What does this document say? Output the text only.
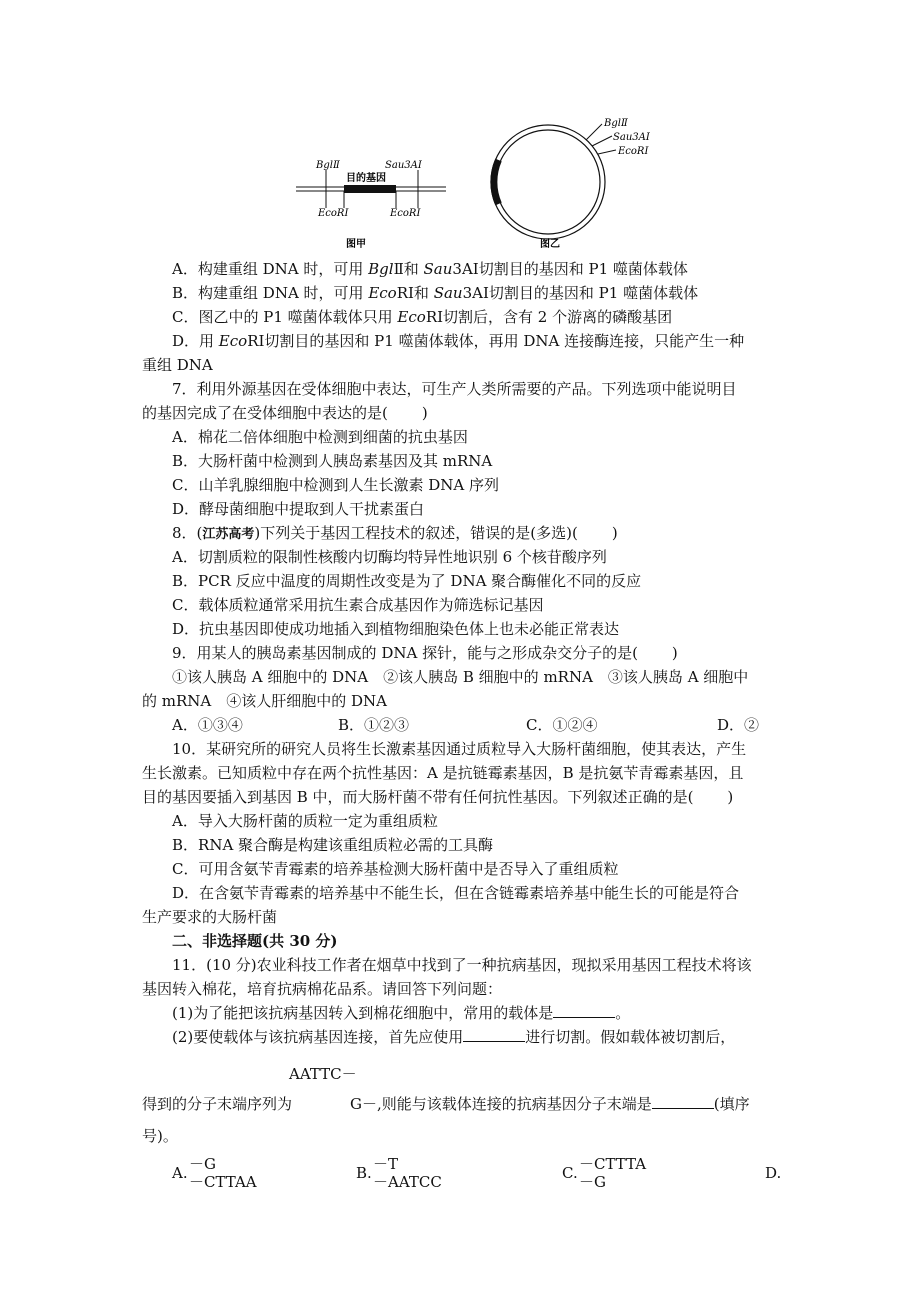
BglⅡ	Sau3AⅠ
目的基因
EcoRⅠ	EcoRⅠ
图甲
BglⅡ
Sau3AⅠ
EcoRⅠ
图乙
A．构建重组 DNA 时，可用 BglⅡ和 Sau3AⅠ切割目的基因和 P1 噬菌体载体
B．构建重组 DNA 时，可用 EcoRⅠ和 Sau3AⅠ切割目的基因和 P1 噬菌体载体
C．图乙中的 P1 噬菌体载体只用 EcoRⅠ切割后，含有 2 个游离的磷酸基团
D．用 EcoRⅠ切割目的基因和 P1 噬菌体载体，再用 DNA 连接酶连接，只能产生一种
重组 DNA
7．利用外源基因在受体细胞中表达，可生产人类所需要的产品。下列选项中能说明目
的基因完成了在受体细胞中表达的是( )
A．棉花二倍体细胞中检测到细菌的抗虫基因
B．大肠杆菌中检测到人胰岛素基因及其 mRNA
C．山羊乳腺细胞中检测到人生长激素 DNA 序列
D．酵母菌细胞中提取到人干扰素蛋白
8．(江苏高考)下列关于基因工程技术的叙述，错误的是(多选)( )
A．切割质粒的限制性核酸内切酶均特异性地识别 6 个核苷酸序列
B．PCR 反应中温度的周期性改变是为了 DNA 聚合酶催化不同的反应
C．载体质粒通常采用抗生素合成基因作为筛选标记基因
D．抗虫基因即使成功地插入到植物细胞染色体上也未必能正常表达
9．用某人的胰岛素基因制成的 DNA 探针，能与之形成杂交分子的是( )
①该人胰岛 A 细胞中的 DNA　②该人胰岛 B 细胞中的 mRNA　③该人胰岛 A 细胞中
的 mRNA　④该人肝细胞中的 DNA
A．①③④	B．①②③	C．①②④	D．②
10．某研究所的研究人员将生长激素基因通过质粒导入大肠杆菌细胞，使其表达，产生
生长激素。已知质粒中存在两个抗性基因：A 是抗链霉素基因，B 是抗氨苄青霉素基因，且
目的基因要插入到基因 B 中，而大肠杆菌不带有任何抗性基因。下列叙述正确的是( )
A．导入大肠杆菌的质粒一定为重组质粒
B．RNA 聚合酶是构建该重组质粒必需的工具酶
C．可用含氨苄青霉素的培养基检测大肠杆菌中是否导入了重组质粒
D．在含氨苄青霉素的培养基中不能生长，但在含链霉素培养基中能生长的可能是符合
生产要求的大肠杆菌
二、非选择题(共 30 分)
11．(10 分)农业科技工作者在烟草中找到了一种抗病基因，现拟采用基因工程技术将该
基因转入棉花，培育抗病棉花品系。请回答下列问题：
(1)为了能把该抗病基因转入到棉花细胞中，常用的载体是	。
(2)要使载体与该抗病基因连接，首先应使用	进行切割。假如载体被切割后，
AATTC－
得到的分子末端序列为	G－,则能与该载体连接的抗病基因分子末端是	(填序
号)。
A. －G
－CTTAA	B. －T
－AATCC	C. －CTTTA
－G	D.
